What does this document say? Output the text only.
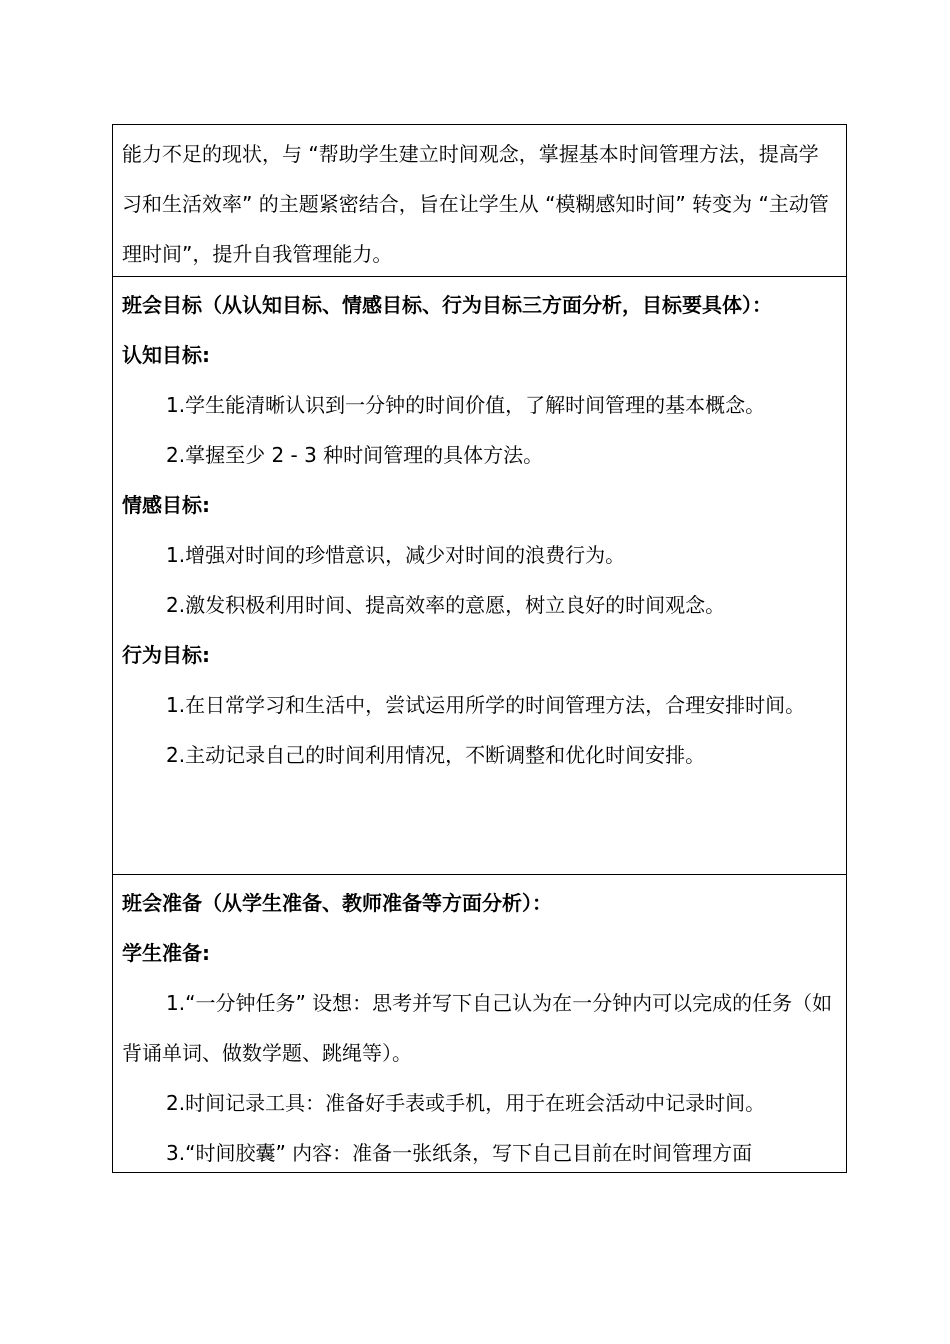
能力不足的现状，与 “帮助学生建立时间观念，掌握基本时间管理方法，提高学习和生活效率” 的主题紧密结合，旨在让学生从 “模糊感知时间” 转变为 “主动管理时间”，提升自我管理能力。

班会目标（从认知目标、情感目标、行为目标三方面分析，目标要具体）：

认知目标:

1.学生能清晰认识到一分钟的时间价值，了解时间管理的基本概念。

2.掌握至少 2 - 3 种时间管理的具体方法。

情感目标:

1.增强对时间的珍惜意识，减少对时间的浪费行为。

2.激发积极利用时间、提高效率的意愿，树立良好的时间观念。

行为目标:

1.在日常学习和生活中，尝试运用所学的时间管理方法，合理安排时间。

2.主动记录自己的时间利用情况，不断调整和优化时间安排。

班会准备（从学生准备、教师准备等方面分析）：

学生准备:

1.“一分钟任务” 设想：思考并写下自己认为在一分钟内可以完成的任务（如背诵单词、做数学题、跳绳等）。

2.时间记录工具：准备好手表或手机，用于在班会活动中记录时间。

3.“时间胶囊” 内容：准备一张纸条，写下自己目前在时间管理方面
